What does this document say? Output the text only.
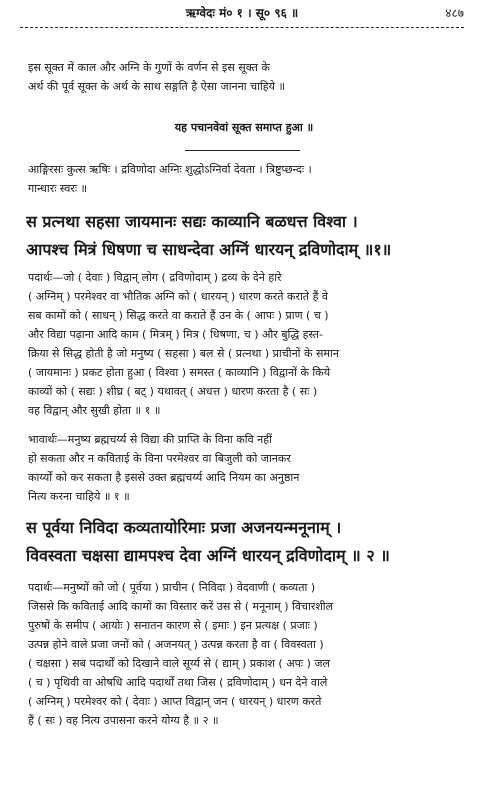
ऋग्वेदः मं० १ । सू० ९६ ॥	४८७
इस सूक्त में काल और अग्नि के गुणों के वर्णन से इस सूक्त के
अर्थ की पूर्व सूक्त के अर्थ के साथ सङ्गति है ऐसा जानना चाहिये ॥
यह पचानवेवां सूक्त समाप्त हुआ ॥
आङ्गिरसः कुत्स ऋषिः । द्रविणोदा अग्निः शुद्धोऽग्निर्वा देवता । त्रिष्टुप्छन्दः ।
गान्धारः स्वरः ॥
स प्रत्नथा सहसा जायमानः सद्यः काव्यानि बळधत्त विश्वा ।
आपश्च मित्रं धिषणा च साधन्देवा अग्निं धारयन् द्रविणोदाम् ॥१॥
पदार्थः—जो ( देवाः ) विद्वान् लोग ( द्रविणोदाम् ) द्रव्य के देने हारे
( अग्निम् ) परमेश्वर वा भौतिक अग्नि को ( धारयन् ) धारण करते कराते हैं वे
सब कामों को ( साधन् ) सिद्ध करते वा कराते हैं उन के ( आपः ) प्राण ( च )
और विद्या पढ़ाना आदि काम ( मित्रम् ) मित्र ( धिषणा, च ) और बुद्धि हस्त-
क्रिया से सिद्ध होती है जो मनुष्य ( सहसा ) बल से ( प्रत्नथा ) प्राचीनों के समान
( जायमानः ) प्रकट होता हुआ ( विश्वा ) समस्त ( काव्यानि ) विद्वानों के किये
काव्यों को ( सद्यः ) शीघ्र ( बट् ) यथावत् ( अधत्त ) धारण करता है ( सः )
वह विद्वान् और सुखी होता ॥ १ ॥
भावार्थः—मनुष्य ब्रह्मचर्य्य से विद्या की प्राप्ति के विना कवि नहीं
हो सकता और न कविताई के विना परमेश्वर वा बिजुली को जानकर
कार्य्यों को कर सकता है इससे उक्त ब्रह्मचर्य्य आदि नियम का अनुष्ठान
नित्य करना चाहिये ॥ १ ॥
स पूर्वया निविदा कव्यतायोरिमाः प्रजा अजनयन्मनूनाम् ।
विवस्वता चक्षसा द्यामपश्च देवा अग्निं धारयन् द्रविणोदाम् ॥ २ ॥
पदार्थः—मनुष्यों को जो ( पूर्वया ) प्राचीन ( निविदा ) वेदवाणी ( कव्यता )
जिससे कि कविताई आदि कामों का विस्तार करें उस से ( मनूनाम् ) विचारशील
पुरुषों के समीप ( आयोः ) सनातन कारण से ( इमाः ) इन प्रत्यक्ष ( प्रजाः )
उत्पन्न होने वाले प्रजा जनों को ( अजनयत् ) उत्पन्न करता है वा ( विवस्वता )
( चक्षसा ) सब पदार्थों को दिखाने वाले सूर्य्य से ( द्याम् ) प्रकाश ( अपः ) जल
( च ) पृथिवी वा ओषधि आदि पदार्थों तथा जिस ( द्रविणोदाम् ) धन देने वाले
( अग्निम् ) परमेश्वर को ( देवाः ) आप्त विद्वान् जन ( धारयन् ) धारण करते
हैं ( सः ) वह नित्य उपासना करने योग्य है ॥ २ ॥
